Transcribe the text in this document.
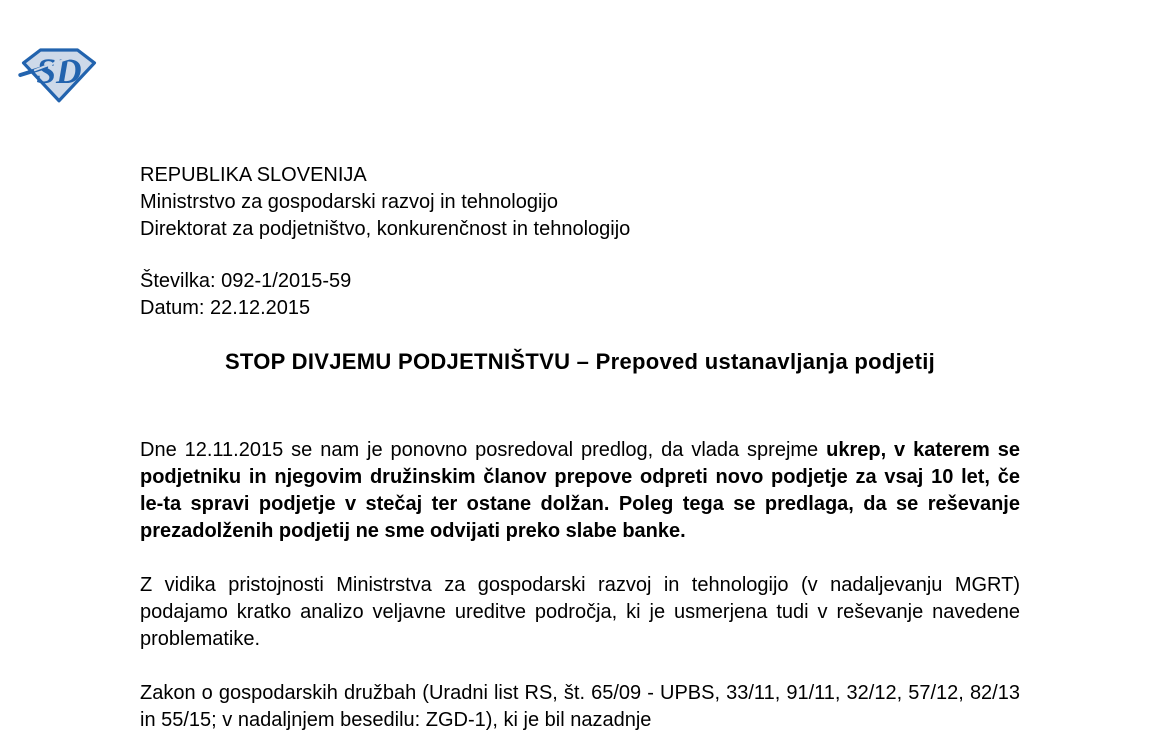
SD
REPUBLIKA SLOVENIJA
Ministrstvo za gospodarski razvoj in tehnologijo
Direktorat za podjetništvo, konkurenčnost in tehnologijo
Številka: 092-1/2015-59
Datum: 22.12.2015
STOP DIVJEMU PODJETNIŠTVU – Prepoved ustanavljanja podjetij

Dne 12.11.2015 se nam je ponovno posredoval predlog, da vlada sprejme ukrep, v katerem se podjetniku in njegovim družinskim članov prepove odpreti novo podjetje za vsaj 10 let, če le-ta spravi podjetje v stečaj ter ostane dolžan. Poleg tega se predlaga, da se reševanje prezadolženih podjetij ne sme odvijati preko slabe banke.

Z vidika pristojnosti Ministrstva za gospodarski razvoj in tehnologijo (v nadaljevanju MGRT) podajamo kratko analizo veljavne ureditve področja, ki je usmerjena tudi v reševanje navedene problematike.

Zakon o gospodarskih družbah (Uradni list RS, št. 65/09 - UPBS, 33/11, 91/11, 32/12, 57/12, 82/13 in 55/15; v nadaljnjem besedilu: ZGD-1), ki je bil nazadnje
